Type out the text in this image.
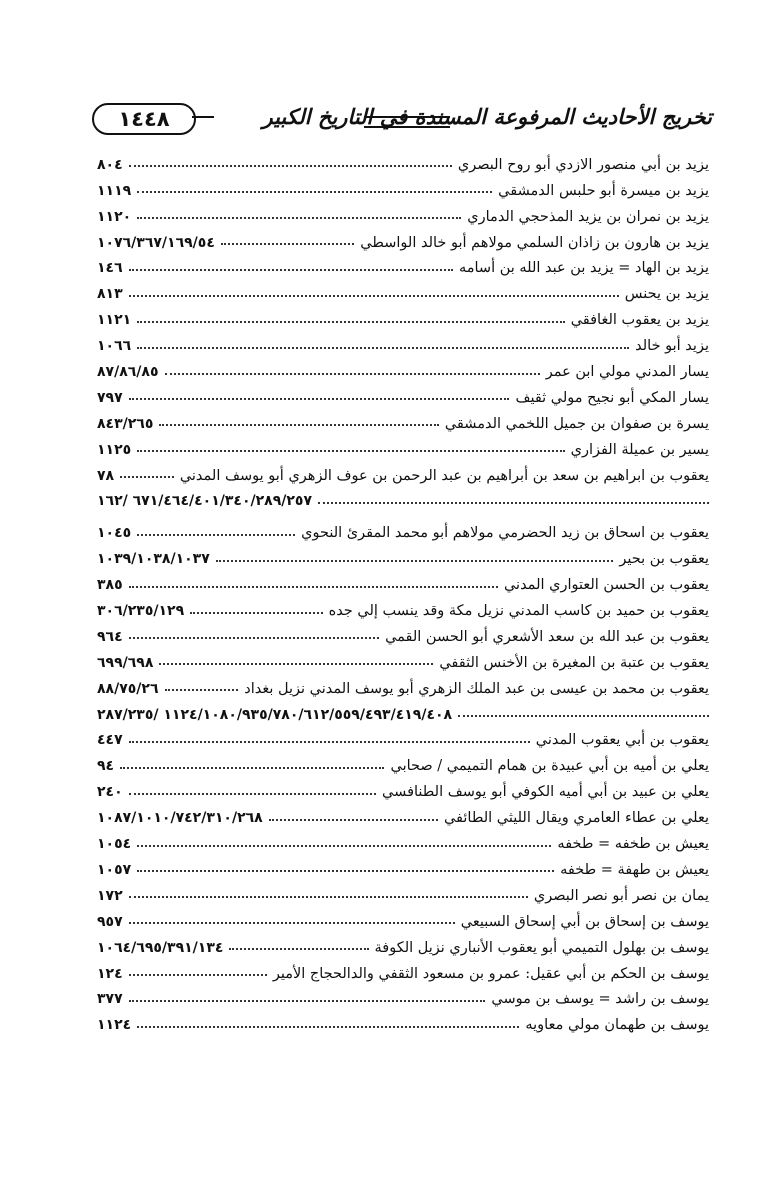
تخريج الأحاديث المرفوعة المسندة في التاريخ الكبير
١٤٤٨
يزيد بن أبي منصور الازدي أبو روح البصري
٨٠٤
يزيد بن ميسرة أبو حلبس الدمشقي
١١١٩
يزيد بن نمران بن يزيد المذحجي الدماري
١١٢٠
يزيد بن هارون بن زاذان السلمي مولاهم أبو خالد الواسطي
١٠٧٦/٣٦٧/١٦٩/٥٤
يزيد بن الهاد = يزيد بن عبد الله بن أسامه
١٤٦
يزيد بن يحنس
٨١٣
يزيد بن يعقوب الغافقي
١١٢١
يزيد أبو خالد
١٠٦٦
يسار المدني مولي ابن عمر
٨٧/٨٦/٨٥
يسار المكي أبو نجيح مولي ثقيف
٧٩٧
يسرة بن صفوان بن جميل اللخمي الدمشقي
٨٤٣/٢٦٥
يسير بن عميلة الفزاري
١١٢٥
يعقوب بن ابراهيم بن سعد بن أبراهيم بن عبد الرحمن بن عوف الزهري أبو يوسف المدني
٧٨
٦٧١/٤٦٤/٤٠١/٣٤٠/٢٨٩/٢٥٧ /١٦٢
يعقوب بن اسحاق بن زيد الحضرمي مولاهم أبو محمد المقرئ النحوي
١٠٤٥
يعقوب بن بحير
١٠٣٩/١٠٣٨/١٠٣٧
يعقوب بن الحسن العتواري المدني
٣٨٥
يعقوب بن حميد بن كاسب المدني نزيل مكة وقد ينسب إلي جده
٣٠٦/٢٣٥/١٢٩
يعقوب بن عبد الله بن سعد الأشعري أبو الحسن القمي
٩٦٤
يعقوب بن عتبة بن المغيرة بن الأخنس الثقفي
٦٩٩/٦٩٨
يعقوب بن محمد بن عيسى بن عبد الملك الزهري أبو يوسف المدني نزيل بغداد
٨٨/٧٥/٢٦
١١٢٤/١٠٨٠/٩٣٥/٧٨٠/٦١٢/٥٥٩/٤٩٣/٤١٩/٤٠٨ /٢٨٧/٢٣٥
يعقوب بن أبي يعقوب المدني
٤٤٧
يعلي بن أميه بن أبي عبيدة بن همام التميمي / صحابي
٩٤
يعلي بن عبيد بن أبي أميه الكوفي أبو يوسف الطنافسي
٢٤٠
يعلي بن عطاء العامري ويقال الليثي الطائفي
١٠٨٧/١٠١٠/٧٤٢/٣١٠/٢٦٨
يعيش بن طخفه = طخفه
١٠٥٤
يعيش بن طهفة = طخفه
١٠٥٧
يمان بن نصر أبو نصر البصري
١٧٢
يوسف بن إسحاق بن أبي إسحاق السبيعي
٩٥٧
يوسف بن بهلول التميمي أبو يعقوب الأنباري نزيل الكوفة
١٠٦٤/٦٩٥/٣٩١/١٣٤
يوسف بن الحكم بن أبي عقيل: عمرو بن مسعود الثقفي والدالحجاج الأمير
١٢٤
يوسف بن راشد = يوسف بن موسي
٣٧٧
يوسف بن طهمان مولي معاويه
١١٢٤
